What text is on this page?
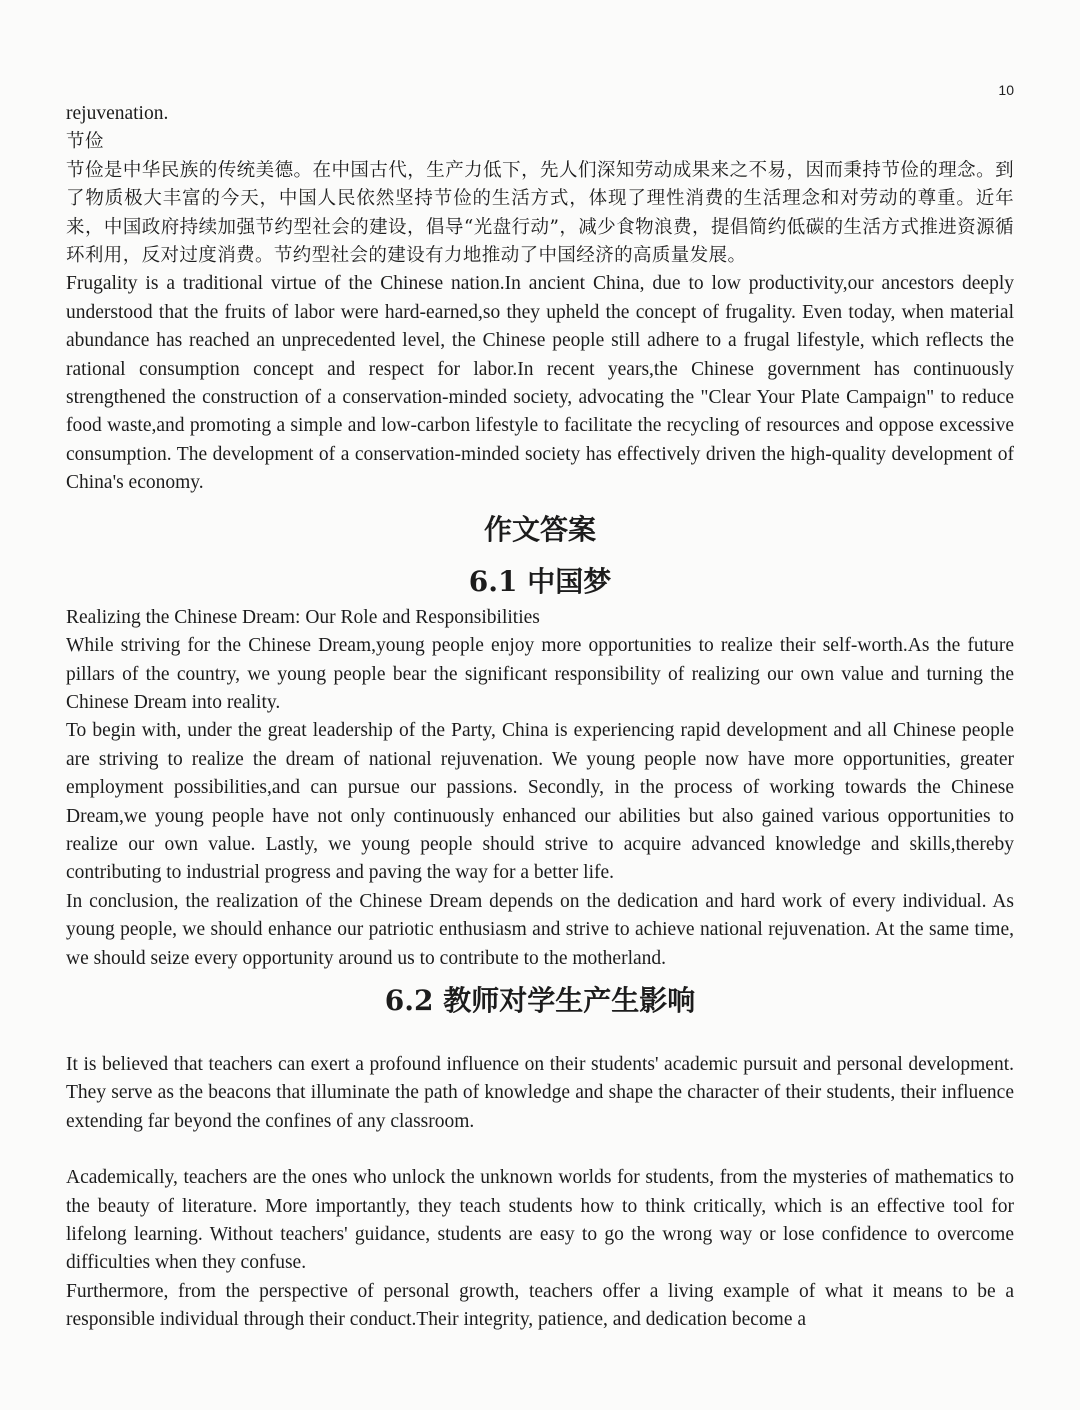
10

rejuvenation.

节俭

节俭是中华民族的传统美德。在中国古代，生产力低下，先人们深知劳动成果来之不易，因而秉持节俭的理念。到了物质极大丰富的今天，中国人民依然坚持节俭的生活方式，体现了理性消费的生活理念和对劳动的尊重。近年来，中国政府持续加强节约型社会的建设，倡导“光盘行动”，减少食物浪费，提倡简约低碳的生活方式推进资源循环利用，反对过度消费。节约型社会的建设有力地推动了中国经济的高质量发展。

Frugality is a traditional virtue of the Chinese nation.In ancient China, due to low productivity,our ancestors deeply understood that the fruits of labor were hard-earned,so they upheld the concept of frugality. Even today, when material abundance has reached an unprecedented level, the Chinese people still adhere to a frugal lifestyle, which reflects the rational consumption concept and respect for labor.In recent years,the Chinese government has continuously strengthened the construction of a conservation-minded society, advocating the "Clear Your Plate Campaign" to reduce food waste,and promoting a simple and low-carbon lifestyle to facilitate the recycling of resources and oppose excessive consumption. The development of a conservation-minded society has effectively driven the high-quality development of China's economy.

作文答案
6.1 中国梦

Realizing the Chinese Dream: Our Role and Responsibilities

While striving for the Chinese Dream,young people enjoy more opportunities to realize their self-worth.As the future pillars of the country, we young people bear the significant responsibility of realizing our own value and turning the Chinese Dream into reality.

To begin with, under the great leadership of the Party, China is experiencing rapid development and all Chinese people are striving to realize the dream of national rejuvenation. We young people now have more opportunities, greater employment possibilities,and can pursue our passions. Secondly, in the process of working towards the Chinese Dream,we young people have not only continuously enhanced our abilities but also gained various opportunities to realize our own value. Lastly, we young people should strive to acquire advanced knowledge and skills,thereby contributing to industrial progress and paving the way for a better life.

In conclusion, the realization of the Chinese Dream depends on the dedication and hard work of every individual. As young people, we should enhance our patriotic enthusiasm and strive to achieve national rejuvenation. At the same time, we should seize every opportunity around us to contribute to the motherland.

6.2 教师对学生产生影响

It is believed that teachers can exert a profound influence on their students' academic pursuit and personal development. They serve as the beacons that illuminate the path of knowledge and shape the character of their students, their influence extending far beyond the confines of any classroom.

Academically, teachers are the ones who unlock the unknown worlds for students, from the mysteries of mathematics to the beauty of literature. More importantly, they teach students how to think critically, which is an effective tool for lifelong learning. Without teachers' guidance, students are easy to go the wrong way or lose confidence to overcome difficulties when they confuse.

Furthermore, from the perspective of personal growth, teachers offer a living example of what it means to be a responsible individual through their conduct.Their integrity, patience, and dedication become a
